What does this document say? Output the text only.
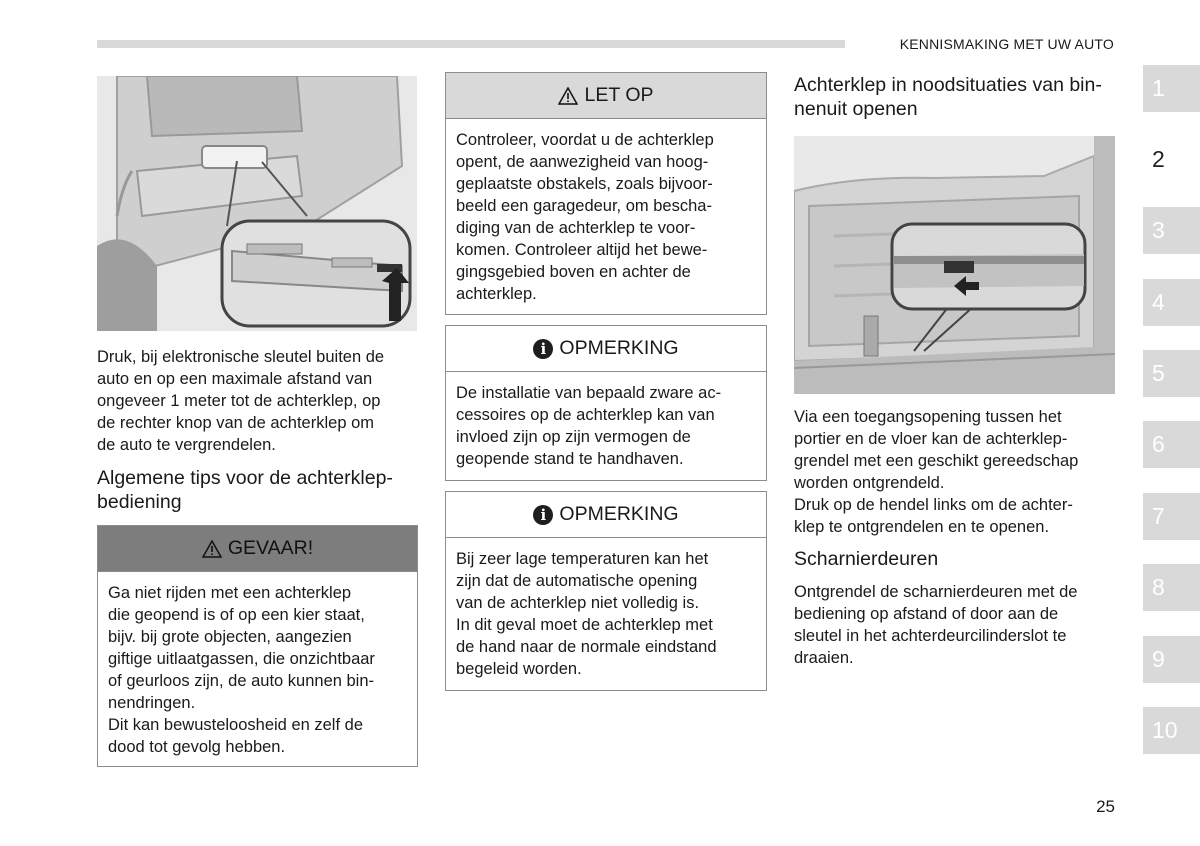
KENNISMAKING MET UW AUTO
1
2
3
4
5
6
7
8
9
10
Druk, bij elektronische sleutel buiten de
auto en op een maximale afstand van
ongeveer 1 meter tot de achterklep, op
de rechter knop van de achterklep om
de auto te vergrendelen.
Algemene tips voor de achterklep-
bediening
GEVAAR!
Ga niet rijden met een achterklep
die geopend is of op een kier staat,
bijv. bij grote objecten, aangezien
giftige uitlaatgassen, die onzichtbaar
of geurloos zijn, de auto kunnen bin-
nendringen.
Dit kan bewusteloosheid en zelf de
dood tot gevolg hebben.
LET OP
Controleer, voordat u de achterklep
opent, de aanwezigheid van hoog-
geplaatste obstakels, zoals bijvoor-
beeld een garagedeur, om bescha-
diging van de achterklep te voor-
komen. Controleer altijd het bewe-
gingsgebied boven en achter de
achterklep.
i OPMERKING
De installatie van bepaald zware ac-
cessoires op de achterklep kan van
invloed zijn op zijn vermogen de
geopende stand te handhaven.
i OPMERKING
Bij zeer lage temperaturen kan het
zijn dat de automatische opening
van de achterklep niet volledig is.
In dit geval moet de achterklep met
de hand naar de normale eindstand
begeleid worden.
Achterklep in noodsituaties van bin-
nenuit openen
Via een toegangsopening tussen het
portier en de vloer kan de achterklep-
grendel met een geschikt gereedschap
worden ontgrendeld.
Druk op de hendel links om de achter-
klep te ontgrendelen en te openen.
Scharnierdeuren
Ontgrendel de scharnierdeuren met de
bediening op afstand of door aan de
sleutel in het achterdeurcilinderslot te
draaien.
25
